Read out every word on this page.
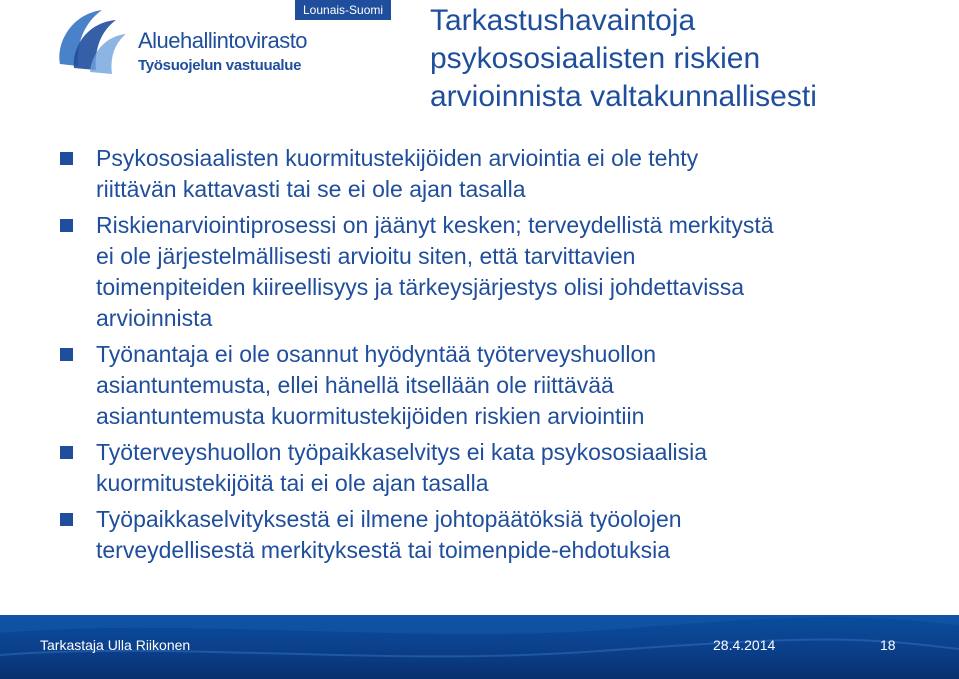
Lounais-Suomi
Aluehallintovirasto
Työsuojelun vastuualue
Tarkastushavaintoja
psykososiaalisten riskien
arvioinnista valtakunnallisesti
Psykososiaalisten kuormitustekijöiden arviointia ei ole tehty
riittävän kattavasti tai se ei ole ajan tasalla
Riskienarviointiprosessi on jäänyt kesken; terveydellistä merkitystä
ei ole järjestelmällisesti arvioitu siten, että tarvittavien
toimenpiteiden kiireellisyys ja tärkeysjärjestys olisi johdettavissa
arvioinnista
Työnantaja ei ole osannut hyödyntää työterveyshuollon
asiantuntemusta, ellei hänellä itsellään ole riittävää
asiantuntemusta kuormitustekijöiden riskien arviointiin
Työterveyshuollon työpaikkaselvitys ei kata psykososiaalisia
kuormitustekijöitä tai ei ole ajan tasalla
Työpaikkaselvityksestä ei ilmene johtopäätöksiä työolojen
terveydellisestä merkityksestä tai toimenpide-ehdotuksia
Tarkastaja Ulla Riikonen	28.4.2014	18
